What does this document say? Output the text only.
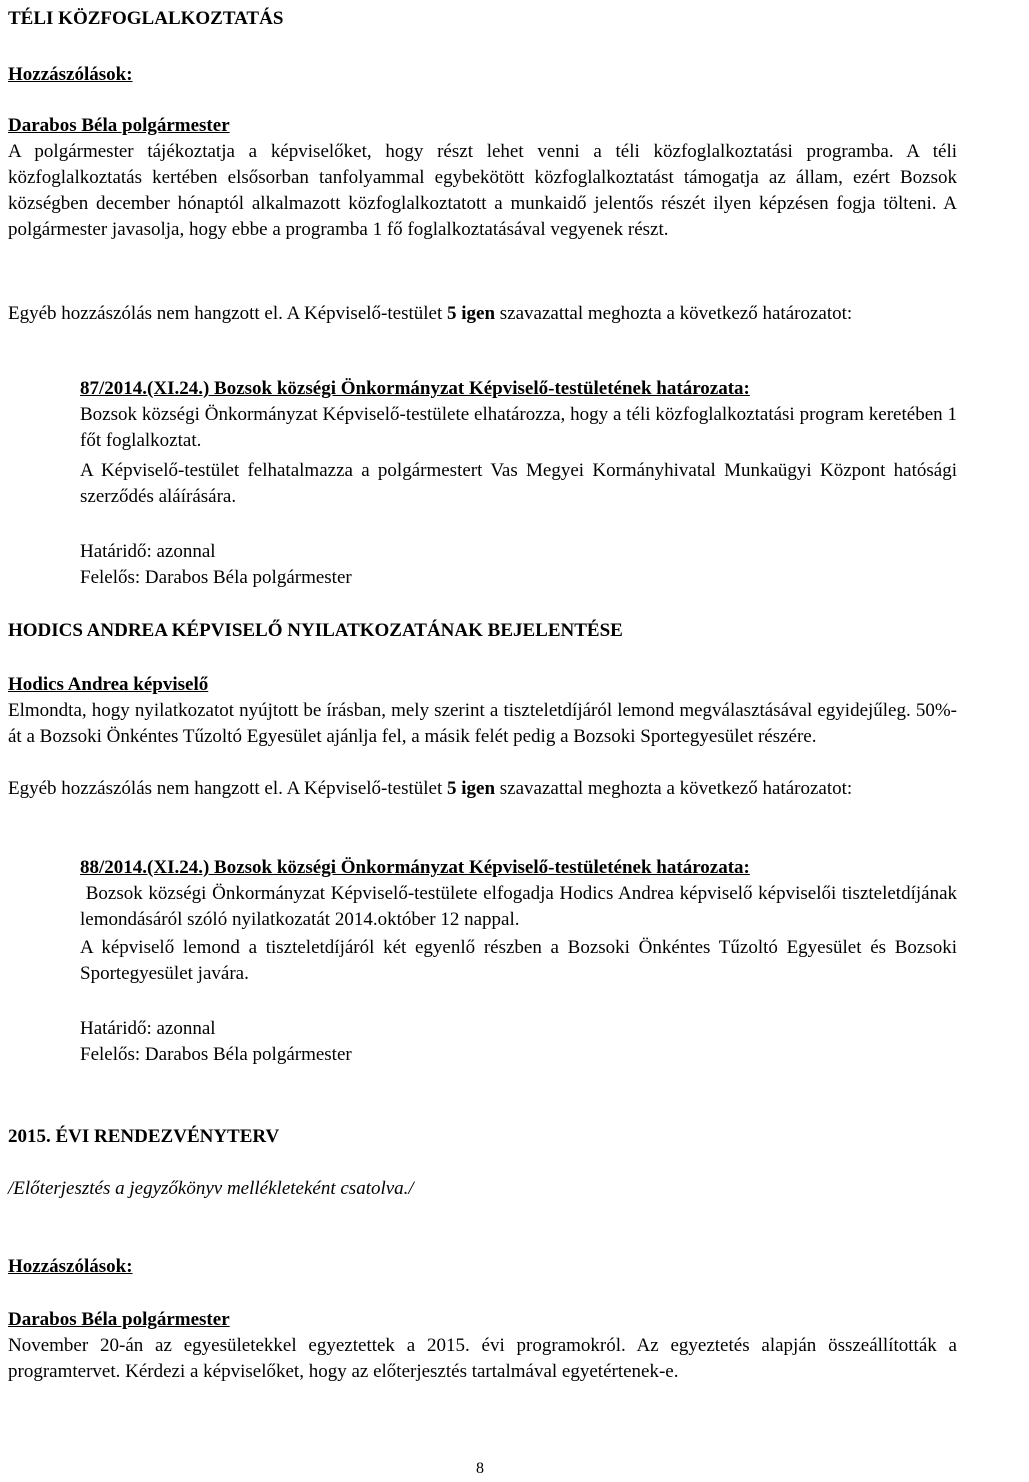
TÉLI KÖZFOGLALKOZTATÁS
Hozzászólások:
Darabos Béla polgármester
A polgármester tájékoztatja a képviselőket, hogy részt lehet venni a téli közfoglalkoztatási programba. A téli közfoglalkoztatás kertében elsősorban tanfolyammal egybekötött közfoglalkoztatást támogatja az állam, ezért Bozsok községben december hónaptól alkalmazott közfoglalkoztatott a munkaidő jelentős részét ilyen képzésen fogja tölteni. A polgármester javasolja, hogy ebbe a programba 1 fő foglalkoztatásával vegyenek részt.
Egyéb hozzászólás nem hangzott el. A Képviselő-testület 5 igen szavazattal meghozta a következő határozatot:
87/2014.(XI.24.) Bozsok községi Önkormányzat Képviselő-testületének határozata:
Bozsok községi Önkormányzat Képviselő-testülete elhatározza, hogy a téli közfoglalkoztatási program keretében 1 főt foglalkoztat.
A Képviselő-testület felhatalmazza a polgármestert Vas Megyei Kormányhivatal Munkaügyi Központ hatósági szerződés aláírására.
Határidő: azonnal
Felelős: Darabos Béla polgármester
HODICS ANDREA KÉPVISELŐ NYILATKOZATÁNAK BEJELENTÉSE
Hodics Andrea képviselő
Elmondta, hogy nyilatkozatot nyújtott be írásban, mely szerint a tiszteletdíjáról lemond megválasztásával egyidejűleg. 50%-át a Bozsoki Önkéntes Tűzoltó Egyesület ajánlja fel, a másik felét pedig a Bozsoki Sportegyesület részére.
Egyéb hozzászólás nem hangzott el. A Képviselő-testület 5 igen szavazattal meghozta a következő határozatot:
88/2014.(XI.24.) Bozsok községi Önkormányzat Képviselő-testületének határozata:
Bozsok községi Önkormányzat Képviselő-testülete elfogadja Hodics Andrea képviselő képviselői tiszteletdíjának lemondásáról szóló nyilatkozatát 2014.október 12 nappal.
A képviselő lemond a tiszteletdíjáról két egyenlő részben a Bozsoki Önkéntes Tűzoltó Egyesület és Bozsoki Sportegyesület javára.
Határidő: azonnal
Felelős: Darabos Béla polgármester
2015. ÉVI RENDEZVÉNYTERV
/Előterjesztés a jegyzőkönyv mellékleteként csatolva./
Hozzászólások:
Darabos Béla polgármester
November 20-án az egyesületekkel egyeztettek a 2015. évi programokról. Az egyeztetés alapján összeállították a programtervet. Kérdezi a képviselőket, hogy az előterjesztés tartalmával egyetértenek-e.
8
